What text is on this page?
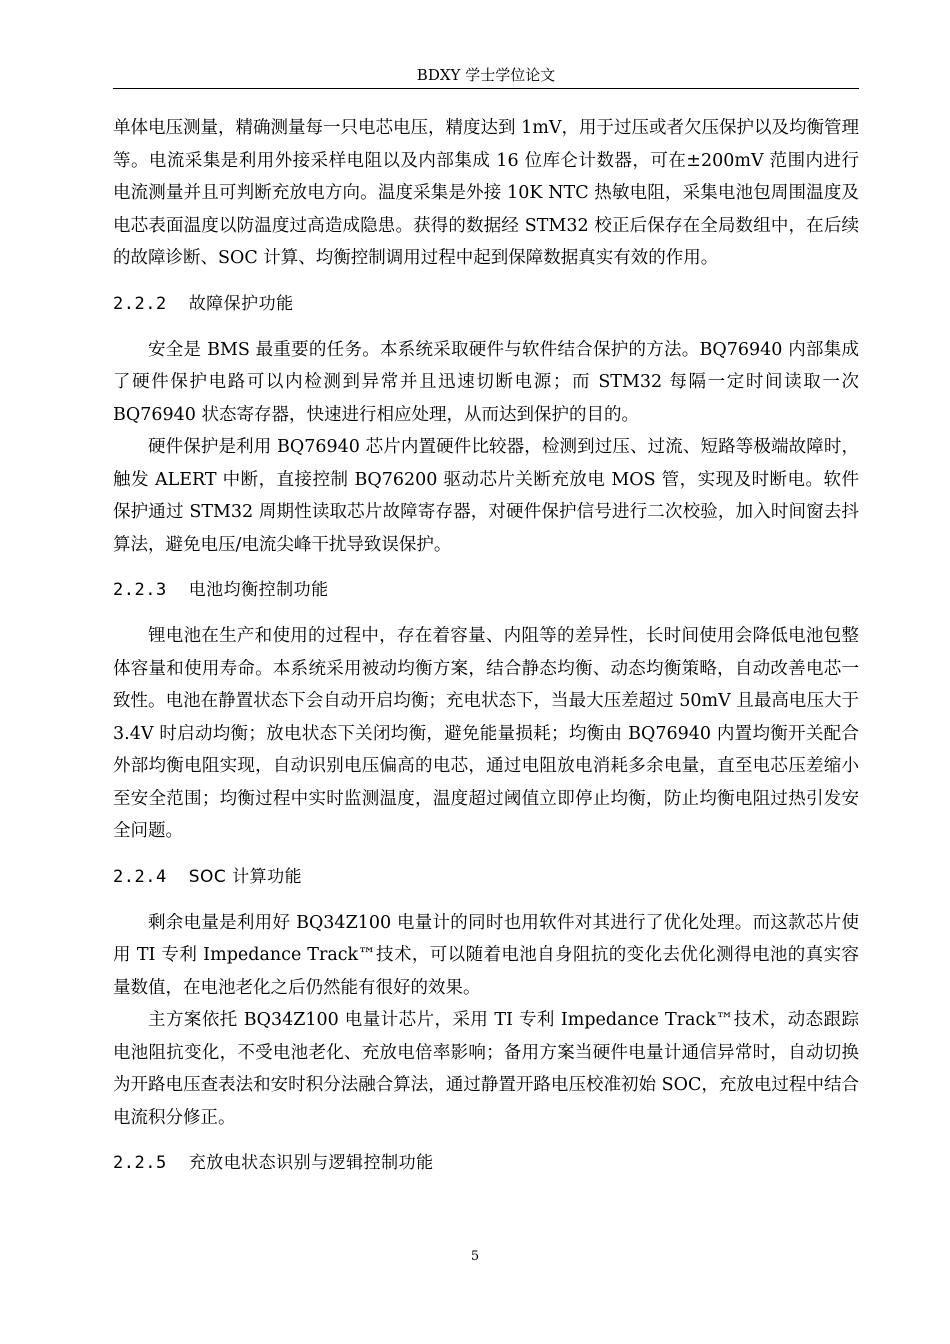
BDXY 学士学位论文

单体电压测量，精确测量每一只电芯电压，精度达到 1mV，用于过压或者欠压保护以及均衡管理等。电流采集是利用外接采样电阻以及内部集成 16 位库仑计数器，可在±200mV 范围内进行电流测量并且可判断充放电方向。温度采集是外接 10K NTC 热敏电阻，采集电池包周围温度及电芯表面温度以防温度过高造成隐患。获得的数据经 STM32 校正后保存在全局数组中，在后续的故障诊断、SOC 计算、均衡控制调用过程中起到保障数据真实有效的作用。

2.2.2 故障保护功能

安全是 BMS 最重要的任务。本系统采取硬件与软件结合保护的方法。BQ76940 内部集成了硬件保护电路可以内检测到异常并且迅速切断电源；而 STM32 每隔一定时间读取一次 BQ76940 状态寄存器，快速进行相应处理，从而达到保护的目的。

硬件保护是利用 BQ76940 芯片内置硬件比较器，检测到过压、过流、短路等极端故障时，触发 ALERT 中断，直接控制 BQ76200 驱动芯片关断充放电 MOS 管，实现及时断电。软件保护通过 STM32 周期性读取芯片故障寄存器，对硬件保护信号进行二次校验，加入时间窗去抖算法，避免电压/电流尖峰干扰导致误保护。

2.2.3 电池均衡控制功能

锂电池在生产和使用的过程中，存在着容量、内阻等的差异性，长时间使用会降低电池包整体容量和使用寿命。本系统采用被动均衡方案，结合静态均衡、动态均衡策略，自动改善电芯一致性。电池在静置状态下会自动开启均衡；充电状态下，当最大压差超过 50mV 且最高电压大于 3.4V 时启动均衡；放电状态下关闭均衡，避免能量损耗；均衡由 BQ76940 内置均衡开关配合外部均衡电阻实现，自动识别电压偏高的电芯，通过电阻放电消耗多余电量，直至电芯压差缩小至安全范围；均衡过程中实时监测温度，温度超过阈值立即停止均衡，防止均衡电阻过热引发安全问题。

2.2.4 SOC 计算功能

剩余电量是利用好 BQ34Z100 电量计的同时也用软件对其进行了优化处理。而这款芯片使用 TI 专利 Impedance Track™技术，可以随着电池自身阻抗的变化去优化测得电池的真实容量数值，在电池老化之后仍然能有很好的效果。

主方案依托 BQ34Z100 电量计芯片，采用 TI 专利 Impedance Track™技术，动态跟踪电池阻抗变化，不受电池老化、充放电倍率影响；备用方案当硬件电量计通信异常时，自动切换为开路电压查表法和安时积分法融合算法，通过静置开路电压校准初始 SOC，充放电过程中结合电流积分修正。

2.2.5 充放电状态识别与逻辑控制功能
5
